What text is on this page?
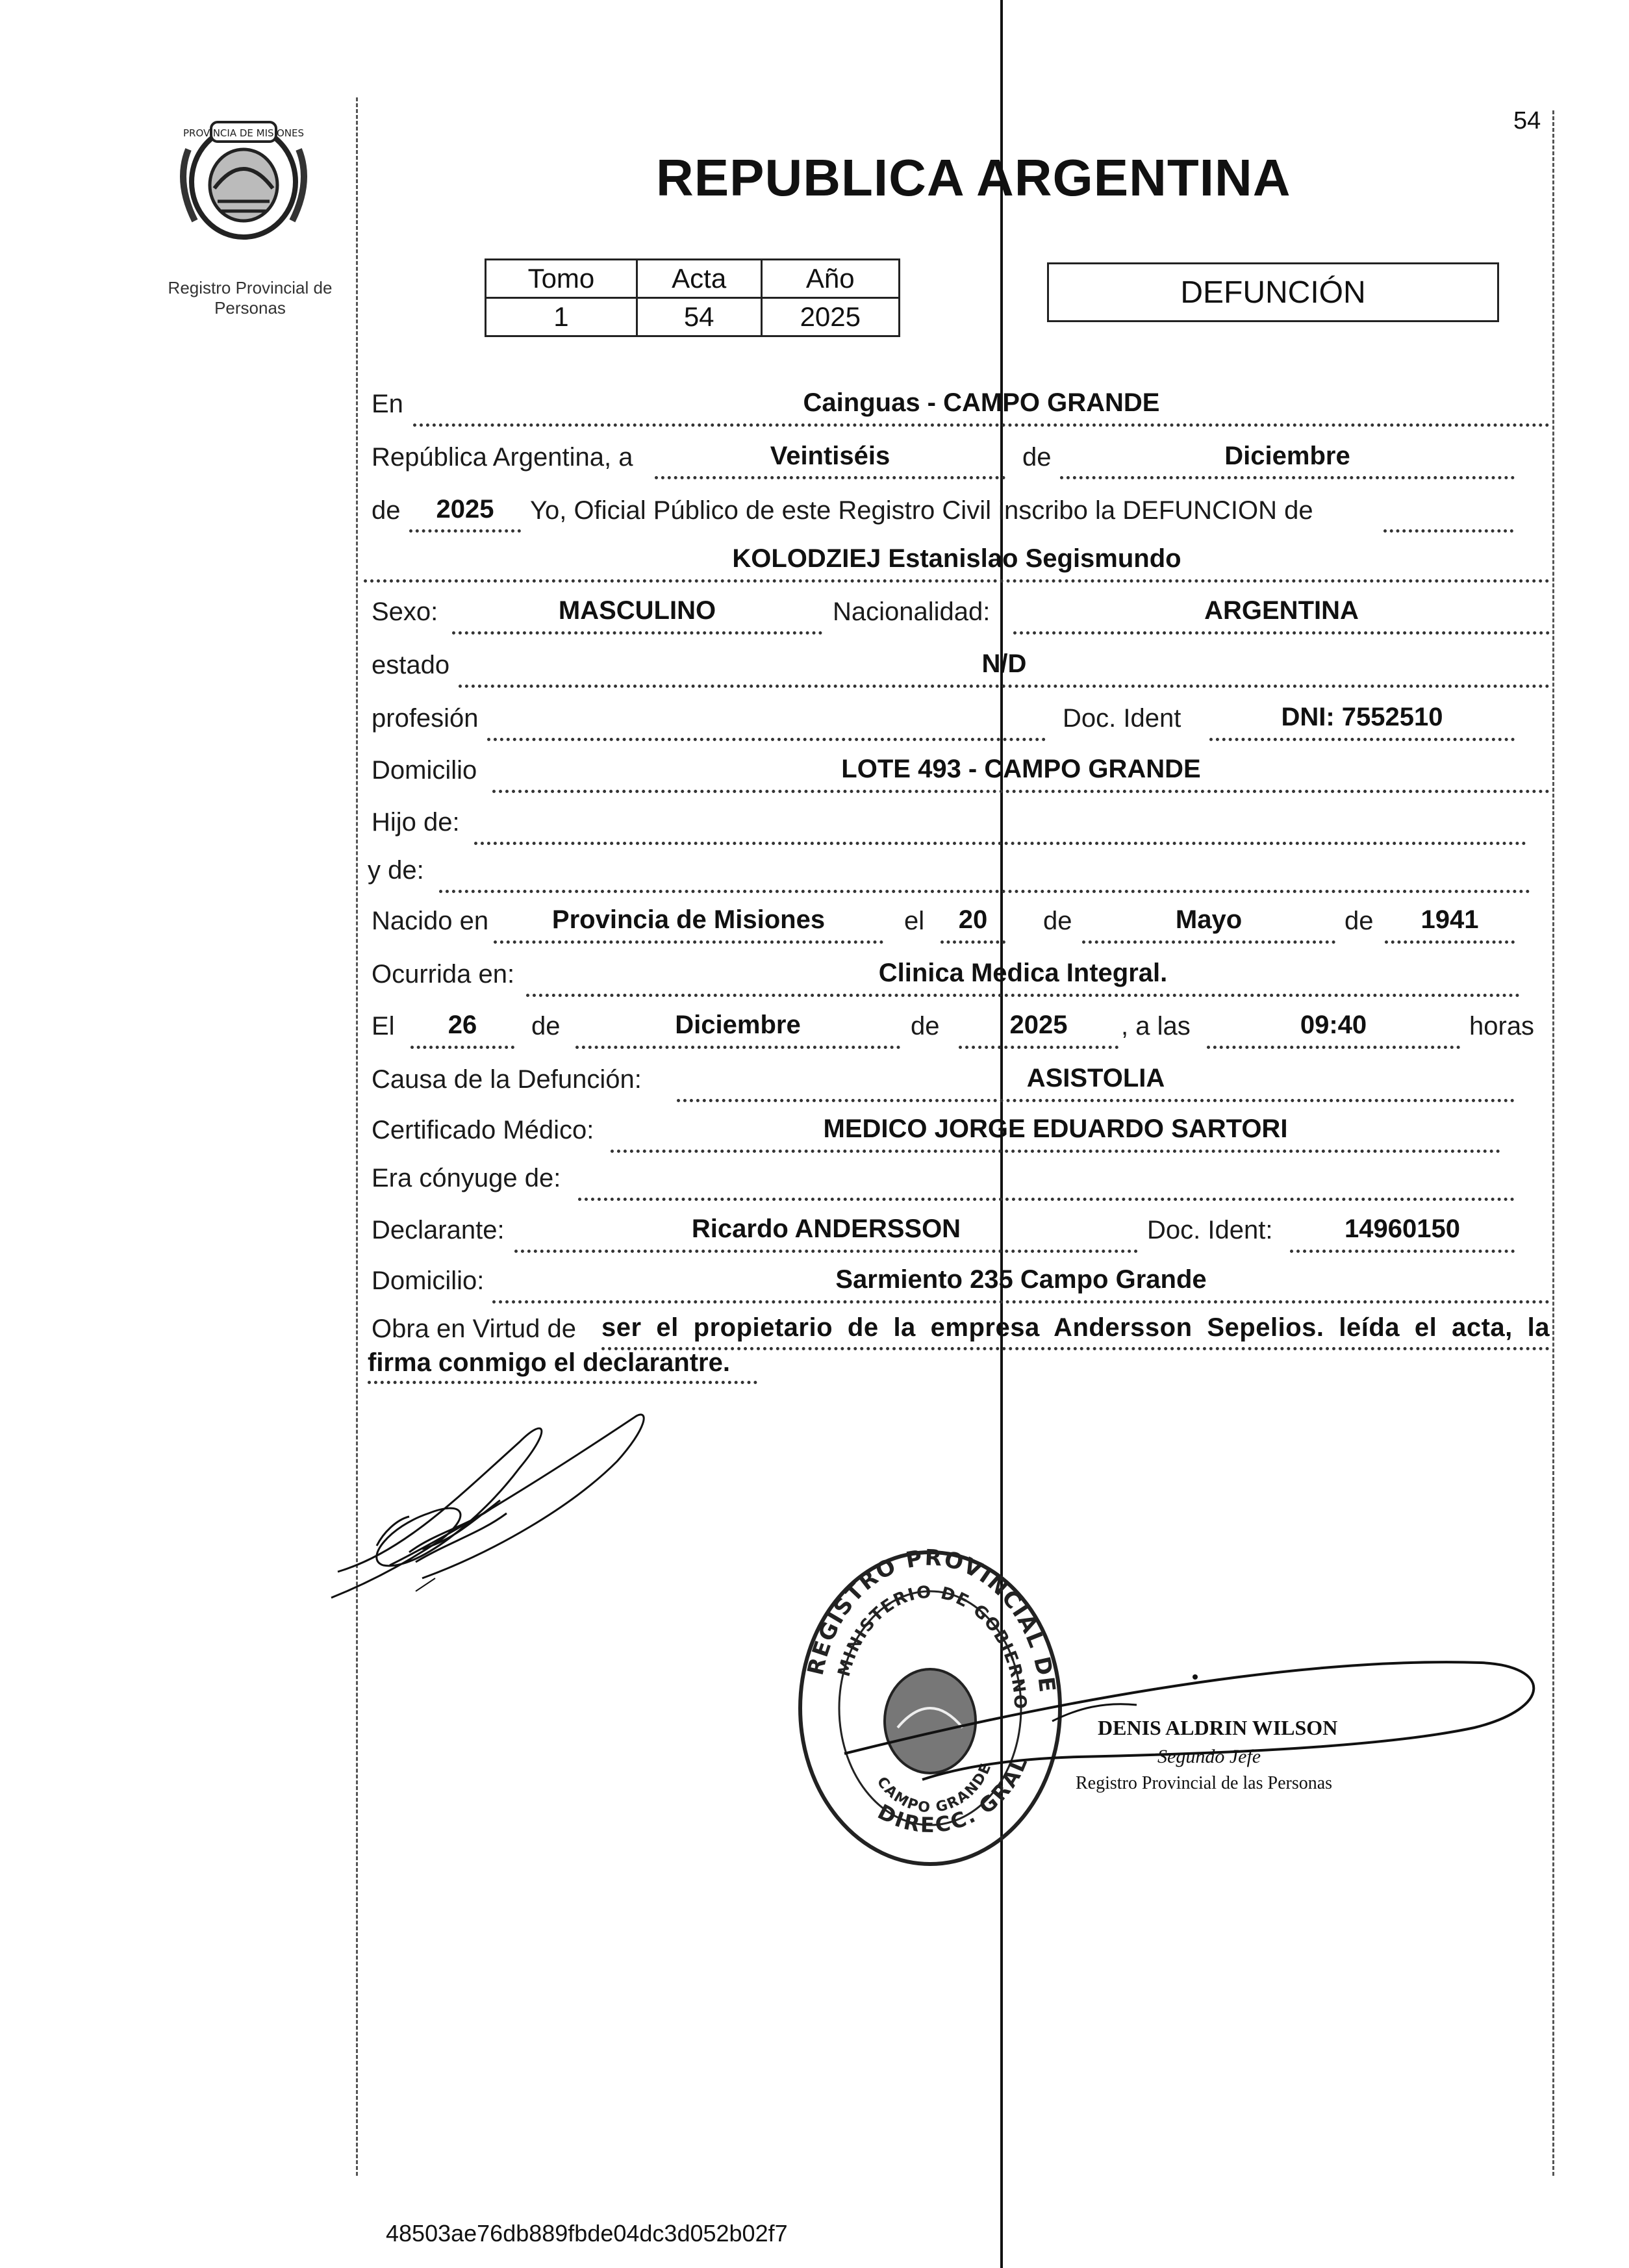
PROVINCIA DE MISIONES
Registro Provincial de Personas
54
REPUBLICA ARGENTINA
Tomo	Acta	Año
1	54	2025
DEFUNCIÓN
En	Cainguas - CAMPO GRANDE
República Argentina, a	Veintiséis	de	Diciembre
de	2025	Yo, Oficial Público de este Registro Civil inscribo la DEFUNCION de
KOLODZIEJ Estanislao Segismundo
Sexo:	MASCULINO	Nacionalidad:	ARGENTINA
estado	N/D
profesión	Doc. Ident	DNI: 7552510
Domicilio	LOTE 493 - CAMPO GRANDE
Hijo de:
y de:
Nacido en	Provincia de Misiones	el	20	de	Mayo	de	1941
Ocurrida en:	Clinica Medica Integral.
El	26	de	Diciembre	de	2025	, a las	09:40	horas
Causa de la Defunción:	ASISTOLIA
Certificado Médico:	MEDICO JORGE EDUARDO SARTORI
Era cónyuge de:
Declarante:	Ricardo ANDERSSON	Doc. Ident:	14960150
Domicilio:	Sarmiento 235 Campo Grande
Obra en Virtud de ser el propietario de la empresa Andersson Sepelios. leída el acta, la
firma conmigo el declarantre.
REGISTRO PROVINCIAL DE
DIRECC. GRAL
MINISTERIO DE GOBIERNO
CAMPO GRANDE
DENIS ALDRIN WILSON
Segundo Jefe
Registro Provincial de las Personas
48503ae76db889fbde04dc3d052b02f7
